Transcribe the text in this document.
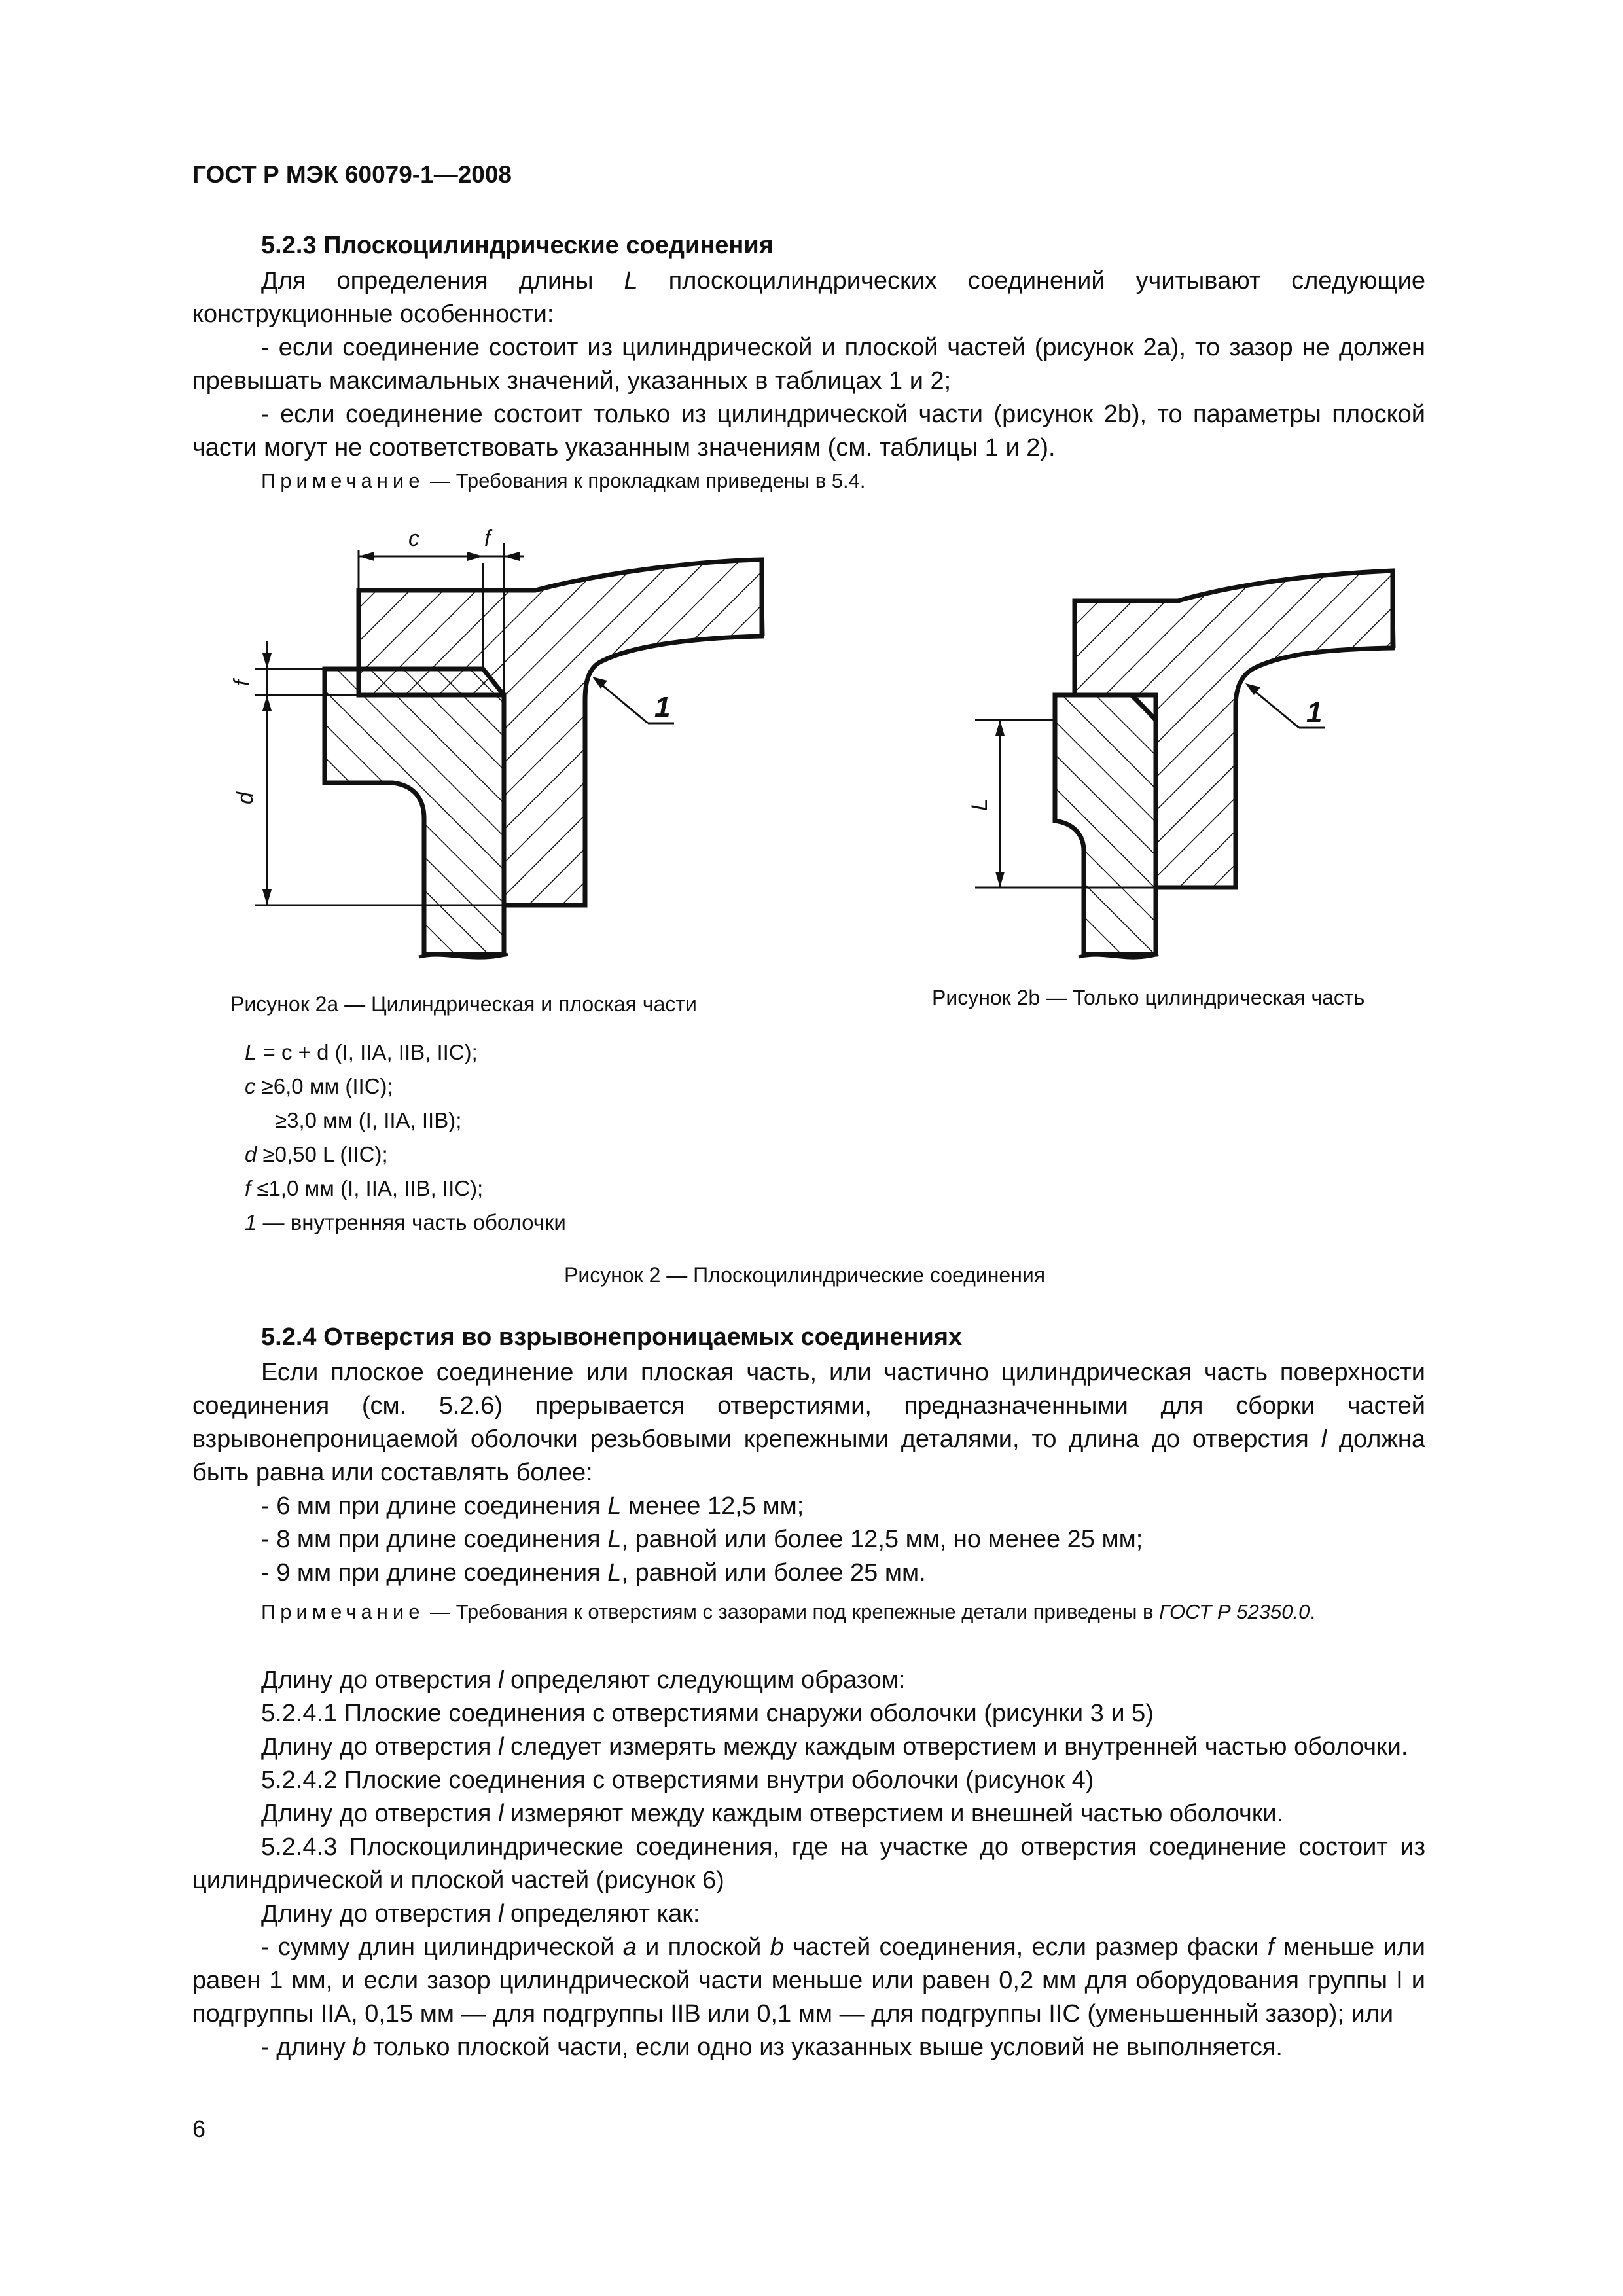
ГОСТ Р МЭК 60079-1—2008
5.2.3 Плоскоцилиндрические соединения

Для определения длины L плоскоцилиндрических соединений учитывают следующие конструкционные особенности:

- если соединение состоит из цилиндрической и плоской частей (рисунок 2а), то зазор не должен превышать максимальных значений, указанных в таблицах 1 и 2;

- если соединение состоит только из цилиндрической части (рисунок 2b), то параметры плоской части могут не соответствовать указанным значениям (см. таблицы 1 и 2).

Примечание — Требования к прокладкам приведены в 5.4.
c	f
f
d
1
L
1
Рисунок 2а — Цилиндрическая и плоская части	Рисунок 2b — Только цилиндрическая часть
L = c + d (I, IIA, IIB, IIC);
c ≥6,0 мм (IIC);
≥3,0 мм (I, IIA, IIB);
d ≥0,50 L (IIC);
f ≤1,0 мм (I, IIA, IIB, IIC);
1 — внутренняя часть оболочки
Рисунок 2 — Плоскоцилиндрические соединения
5.2.4 Отверстия во взрывонепроницаемых соединениях

Если плоское соединение или плоская часть, или частично цилиндрическая часть поверхности соединения (см. 5.2.6) прерывается отверстиями, предназначенными для сборки частей взрывонепроницаемой оболочки резьбовыми крепежными деталями, то длина до отверстия l должна быть равна или составлять более:

- 6 мм при длине соединения L менее 12,5 мм;

- 8 мм при длине соединения L, равной или более 12,5 мм, но менее 25 мм;

- 9 мм при длине соединения L, равной или более 25 мм.

Примечание — Требования к отверстиям с зазорами под крепежные детали приведены в ГОСТ Р 52350.0.

Длину до отверстия l определяют следующим образом:

5.2.4.1 Плоские соединения с отверстиями снаружи оболочки (рисунки 3 и 5)

Длину до отверстия l следует измерять между каждым отверстием и внутренней частью оболочки.

5.2.4.2 Плоские соединения с отверстиями внутри оболочки (рисунок 4)

Длину до отверстия l измеряют между каждым отверстием и внешней частью оболочки.

5.2.4.3 Плоскоцилиндрические соединения, где на участке до отверстия соединение состоит из цилиндрической и плоской частей (рисунок 6)

Длину до отверстия l определяют как:

- сумму длин цилиндрической a и плоской b частей соединения, если размер фаски f меньше или равен 1 мм, и если зазор цилиндрической части меньше или равен 0,2 мм для оборудования группы I и подгруппы IIA, 0,15 мм — для подгруппы IIB или 0,1 мм — для подгруппы IIC (уменьшенный зазор); или

- длину b только плоской части, если одно из указанных выше условий не выполняется.

6
